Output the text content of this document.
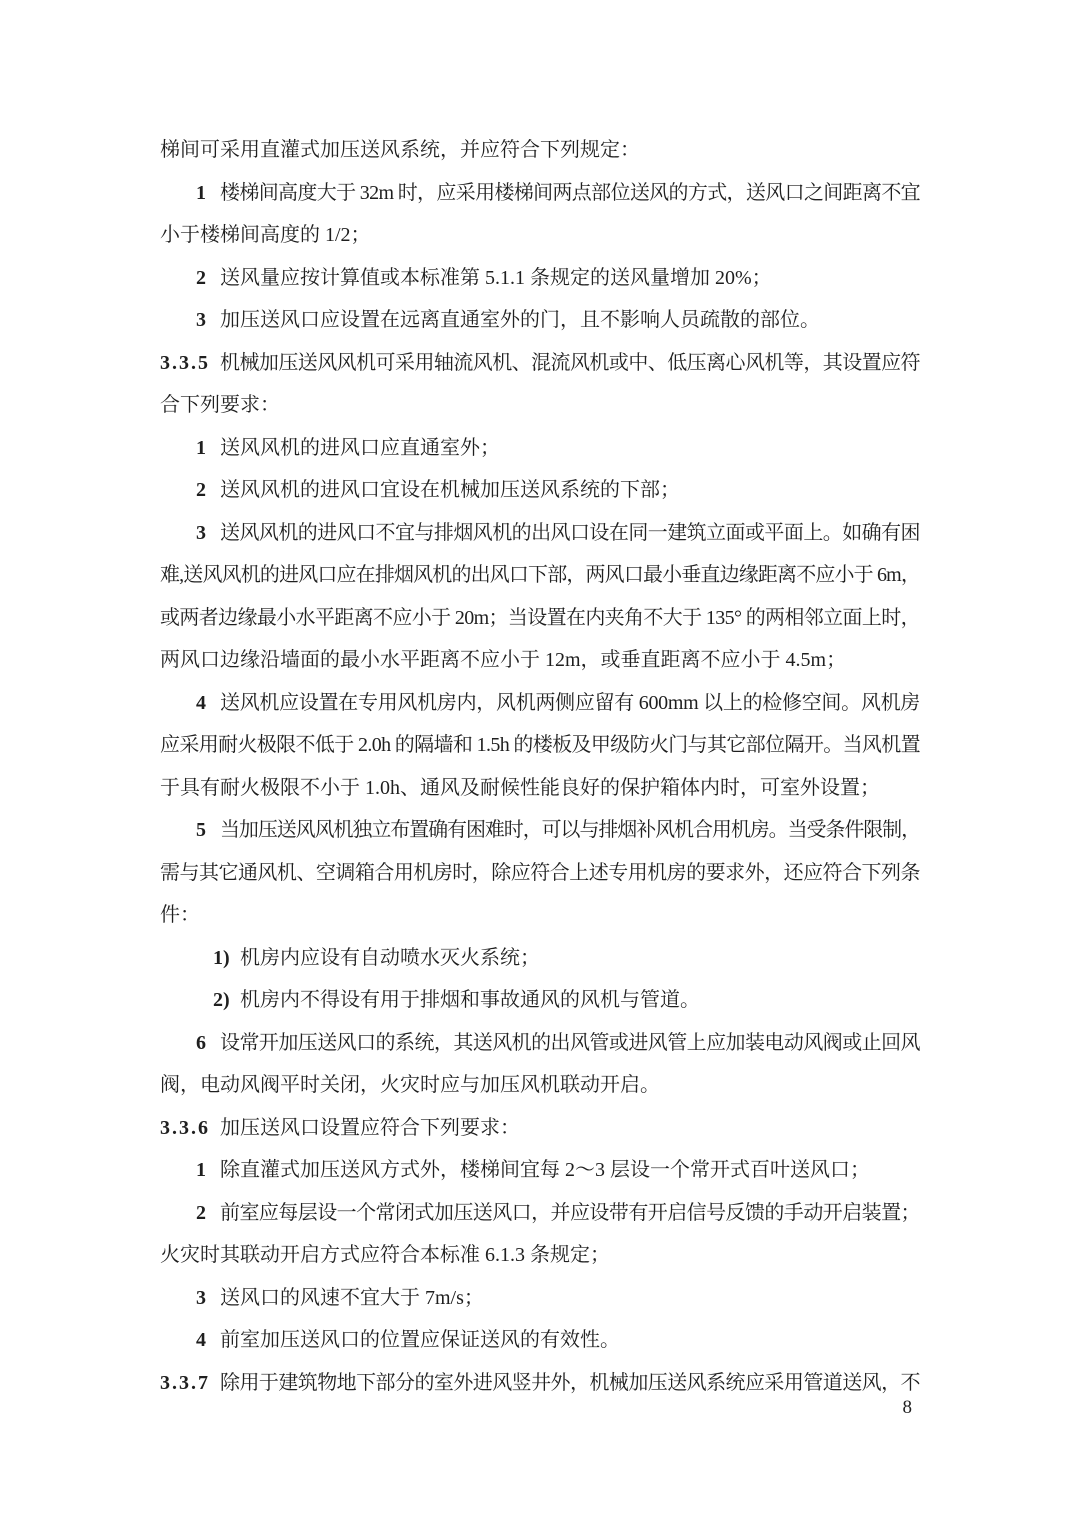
梯间可采用直灌式加压送风系统，并应符合下列规定：
1 楼梯间高度大于 32m 时，应采用楼梯间两点部位送风的方式，送风口之间距离不宜
小于楼梯间高度的 1/2；
2 送风量应按计算值或本标准第 5.1.1 条规定的送风量增加 20%；
3 加压送风口应设置在远离直通室外的门，且不影响人员疏散的部位。
3.3.5 机械加压送风风机可采用轴流风机、混流风机或中、低压离心风机等，其设置应符
合下列要求：
1 送风风机的进风口应直通室外；
2 送风风机的进风口宜设在机械加压送风系统的下部；
3 送风风机的进风口不宜与排烟风机的出风口设在同一建筑立面或平面上。如确有困
难,送风风机的进风口应在排烟风机的出风口下部，两风口最小垂直边缘距离不应小于 6m，
或两者边缘最小水平距离不应小于 20m；当设置在内夹角不大于 135° 的两相邻立面上时，
两风口边缘沿墙面的最小水平距离不应小于 12m，或垂直距离不应小于 4.5m；
4 送风机应设置在专用风机房内，风机两侧应留有 600mm 以上的检修空间。风机房
应采用耐火极限不低于 2.0h 的隔墙和 1.5h 的楼板及甲级防火门与其它部位隔开。当风机置
于具有耐火极限不小于 1.0h、通风及耐候性能良好的保护箱体内时，可室外设置；
5 当加压送风风机独立布置确有困难时，可以与排烟补风机合用机房。当受条件限制，
需与其它通风机、空调箱合用机房时，除应符合上述专用机房的要求外，还应符合下列条
件：
1) 机房内应设有自动喷水灭火系统；
2) 机房内不得设有用于排烟和事故通风的风机与管道。
6 设常开加压送风口的系统，其送风机的出风管或进风管上应加装电动风阀或止回风
阀，电动风阀平时关闭，火灾时应与加压风机联动开启。
3.3.6 加压送风口设置应符合下列要求：
1 除直灌式加压送风方式外，楼梯间宜每 2～3 层设一个常开式百叶送风口；
2 前室应每层设一个常闭式加压送风口，并应设带有开启信号反馈的手动开启装置；
火灾时其联动开启方式应符合本标准 6.1.3 条规定；
3 送风口的风速不宜大于 7m/s；
4 前室加压送风口的位置应保证送风的有效性。
3.3.7 除用于建筑物地下部分的室外进风竖井外，机械加压送风系统应采用管道送风，不
8
